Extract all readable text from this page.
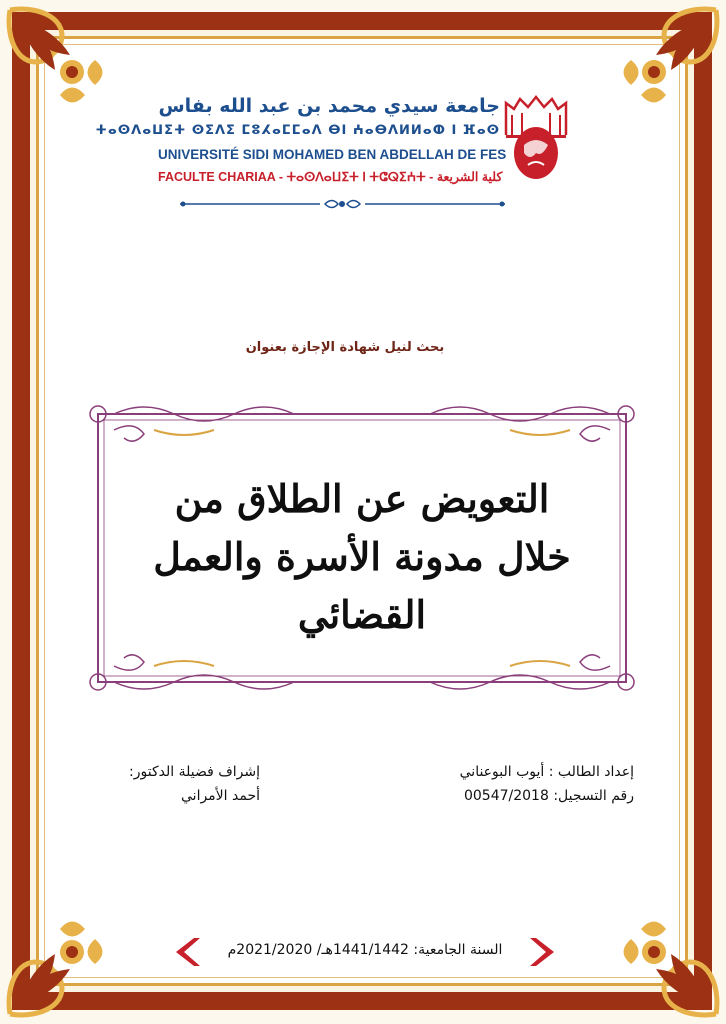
جامعة سيدي محمد بن عبد الله بفاس
ⵜⴰⵙⴷⴰⵡⵉⵜ ⵙⵉⴷⵉ ⵎⵓⵃⴰⵎⵎⴰⴷ ⴱⵏ ⵄⴰⴱⴷⵍⵍⴰⵀ ⵏ ⴼⴰⵙ
UNIVERSITÉ SIDI MOHAMED BEN ABDELLAH DE FES
FACULTE CHARIAA - ⵜⴰⵙⴷⴰⵡⵉⵜ ⵏ ⵜⵛⵕⵉⵄⵜ - كلية الشريعة
بحث لنيل شهادة الإجازة بعنوان
التعويض عن الطلاق من
خلال مدونة الأسرة والعمل
القضائي
إعداد الطالب : أيوب البوعناني
رقم التسجيل: 00547/2018
إشراف فضيلة الدكتور:
أحمد الأمراني
السنة الجامعية: 1441/1442هـ/ 2021/2020م
